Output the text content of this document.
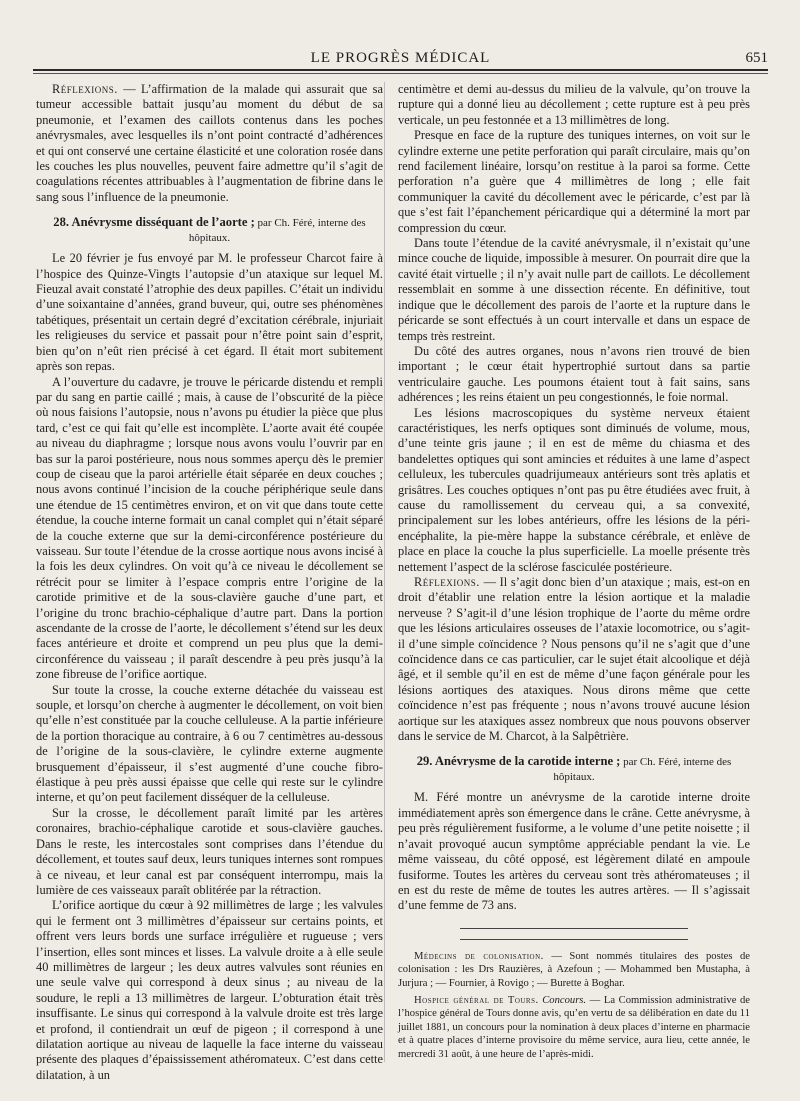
LE PROGRÈS MÉDICAL	651

Réflexions. — L’affirmation de la malade qui assurait que sa tumeur accessible battait jusqu’au moment du début de sa pneumonie, et l’examen des caillots contenus dans les poches anévrysmales, avec lesquelles ils n’ont point contracté d’adhérences et qui ont conservé une certaine élasticité et une coloration rosée dans les couches les plus nouvelles, peuvent faire admettre qu’il s’agit de coagulations récentes attribuables à l’augmentation de fibrine dans le sang sous l’influence de la pneumonie.

28. Anévrysme disséquant de l’aorte ; par Ch. Féré, interne des hôpitaux.

Le 20 février je fus envoyé par M. le professeur Charcot faire à l’hospice des Quinze-Vingts l’autopsie d’un ataxique sur lequel M. Fieuzal avait constaté l’atrophie des deux papilles. C’était un individu d’une soixantaine d’années, grand buveur, qui, outre ses phénomènes tabétiques, présentait un certain degré d’excitation cérébrale, injuriait les religieuses du service et passait pour n’être point sain d’esprit, bien qu’on n’eût rien précisé à cet égard. Il était mort subitement après son repas.

A l’ouverture du cadavre, je trouve le péricarde distendu et rempli par du sang en partie caillé ; mais, à cause de l’obscurité de la pièce où nous faisions l’autopsie, nous n’avons pu étudier la pièce que plus tard, c’est ce qui fait qu’elle est incomplète. L’aorte avait été coupée au niveau du diaphragme ; lorsque nous avons voulu l’ouvrir par en bas sur la paroi postérieure, nous nous sommes aperçu dès le premier coup de ciseau que la paroi artérielle était séparée en deux couches ; nous avons continué l’incision de la couche périphérique seule dans une étendue de 15 centimètres environ, et on vit que dans toute cette étendue, la couche interne formait un canal complet qui n’était séparé de la couche externe que sur la demi-circonférence postérieure du vaisseau. Sur toute l’étendue de la crosse aortique nous avons incisé à la fois les deux cylindres. On voit qu’à ce niveau le décollement se rétrécit pour se limiter à l’espace compris entre l’origine de la carotide primitive et de la sous-clavière gauche d’une part, et l’origine du tronc brachio-céphalique d’autre part. Dans la portion ascendante de la crosse de l’aorte, le décollement s’étend sur les deux faces antérieure et droite et comprend un peu plus que la demi-circonférence du vaisseau ; il paraît descendre à peu près jusqu’à la zone fibreuse de l’orifice aortique.

Sur toute la crosse, la couche externe détachée du vaisseau est souple, et lorsqu’on cherche à augmenter le décollement, on voit bien qu’elle n’est constituée par la couche celluleuse. A la partie inférieure de la portion thoracique au contraire, à 6 ou 7 centimètres au-dessous de l’origine de la sous-clavière, le cylindre externe augmente brusquement d’épaisseur, il s’est augmenté d’une couche fibro-élastique à peu près aussi épaisse que celle qui reste sur le cylindre interne, et qu’on peut facilement disséquer de la celluleuse.

Sur la crosse, le décollement paraît limité par les artères coronaires, brachio-céphalique carotide et sous-clavière gauches. Dans le reste, les intercostales sont comprises dans l’étendue du décollement, et toutes sauf deux, leurs tuniques internes sont rompues à ce niveau, et leur canal est par conséquent interrompu, mais la lumière de ces vaisseaux paraît oblitérée par la rétraction.

L’orifice aortique du cœur à 92 millimètres de large ; les valvules qui le ferment ont 3 millimètres d’épaisseur sur certains points, et offrent vers leurs bords une surface irrégulière et rugueuse ; vers l’insertion, elles sont minces et lisses. La valvule droite a à elle seule 40 millimètres de largeur ; les deux autres valvules sont réunies en une seule valve qui correspond à deux sinus ; au niveau de la soudure, le repli a 13 millimètres de largeur. L’obturation était très insuffisante. Le sinus qui correspond à la valvule droite est très large et profond, il contiendrait un œuf de pigeon ; il correspond à une dilatation aortique au niveau de laquelle la face interne du vaisseau présente des plaques d’épaississement athéromateux. C’est dans cette dilatation, à un

centimètre et demi au-dessus du milieu de la valvule, qu’on trouve la rupture qui a donné lieu au décollement ; cette rupture est à peu près verticale, un peu festonnée et a 13 millimètres de long.

Presque en face de la rupture des tuniques internes, on voit sur le cylindre externe une petite perforation qui paraît circulaire, mais qu’on rend facilement linéaire, lorsqu’on restitue à la paroi sa forme. Cette perforation n’a guère que 4 millimètres de long ; elle fait communiquer la cavité du décollement avec le péricarde, c’est par là que s’est fait l’épanchement péricardique qui a déterminé la mort par compression du cœur.

Dans toute l’étendue de la cavité anévrysmale, il n’existait qu’une mince couche de liquide, impossible à mesurer. On pourrait dire que la cavité était virtuelle ; il n’y avait nulle part de caillots. Le décollement ressemblait en somme à une dissection récente. En définitive, tout indique que le décollement des parois de l’aorte et la rupture dans le péricarde se sont effectués à un court intervalle et dans un espace de temps très restreint.

Du côté des autres organes, nous n’avons rien trouvé de bien important ; le cœur était hypertrophié surtout dans sa partie ventriculaire gauche. Les poumons étaient tout à fait sains, sans adhérences ; les reins étaient un peu congestionnés, le foie normal.

Les lésions macroscopiques du système nerveux étaient caractéristiques, les nerfs optiques sont diminués de volume, mous, d’une teinte gris jaune ; il en est de même du chiasma et des bandelettes optiques qui sont amincies et réduites à une lame d’aspect celluleux, les tubercules quadrijumeaux antérieurs sont très aplatis et grisâtres. Les couches optiques n’ont pas pu être étudiées avec fruit, à cause du ramollissement du cerveau qui, a sa convexité, principalement sur les lobes antérieurs, offre les lésions de la péri-encéphalite, la pie-mère happe la substance cérébrale, et enlève de place en place la couche la plus superficielle. La moelle présente très nettement l’aspect de la sclérose fasciculée postérieure.

Réflexions. — Il s’agit donc bien d’un ataxique ; mais, est-on en droit d’établir une relation entre la lésion aortique et la maladie nerveuse ? S’agit-il d’une lésion trophique de l’aorte du même ordre que les lésions articulaires osseuses de l’ataxie locomotrice, ou s’agit-il d’une simple coïncidence ? Nous pensons qu’il ne s’agit que d’une coïncidence dans ce cas particulier, car le sujet était alcoolique et déjà âgé, et il semble qu’il en est de même d’une façon générale pour les lésions aortiques des ataxiques. Nous dirons même que cette coïncidence n’est pas fréquente ; nous n’avons trouvé aucune lésion aortique sur les ataxiques assez nombreux que nous pouvons observer dans le service de M. Charcot, à la Salpêtrière.

29. Anévrysme de la carotide interne ; par Ch. Féré, interne des hôpitaux.

M. Féré montre un anévrysme de la carotide interne droite immédiatement après son émergence dans le crâne. Cette anévrysme, à peu près régulièrement fusiforme, a le volume d’une petite noisette ; il n’avait provoqué aucun symptôme appréciable pendant la vie. Le même vaisseau, du côté opposé, est légèrement dilaté en ampoule fusiforme. Toutes les artères du cerveau sont très athéromateuses ; il en est du reste de même de toutes les autres artères. — Il s’agissait d’une femme de 73 ans.

Médecins de colonisation. — Sont nommés titulaires des postes de colonisation : les Drs Rauzières, à Azefoun ; — Mohammed ben Mustapha, à Jurjura ; — Fournier, à Rovigo ; — Burette à Boghar.

Hospice général de Tours. Concours. — La Commission administrative de l’hospice général de Tours donne avis, qu’en vertu de sa délibération en date du 11 juillet 1881, un concours pour la nomination à deux places d’interne en pharmacie et à quatre places d’interne provisoire du même service, aura lieu, cette année, le mercredi 31 août, à une heure de l’après-midi.
